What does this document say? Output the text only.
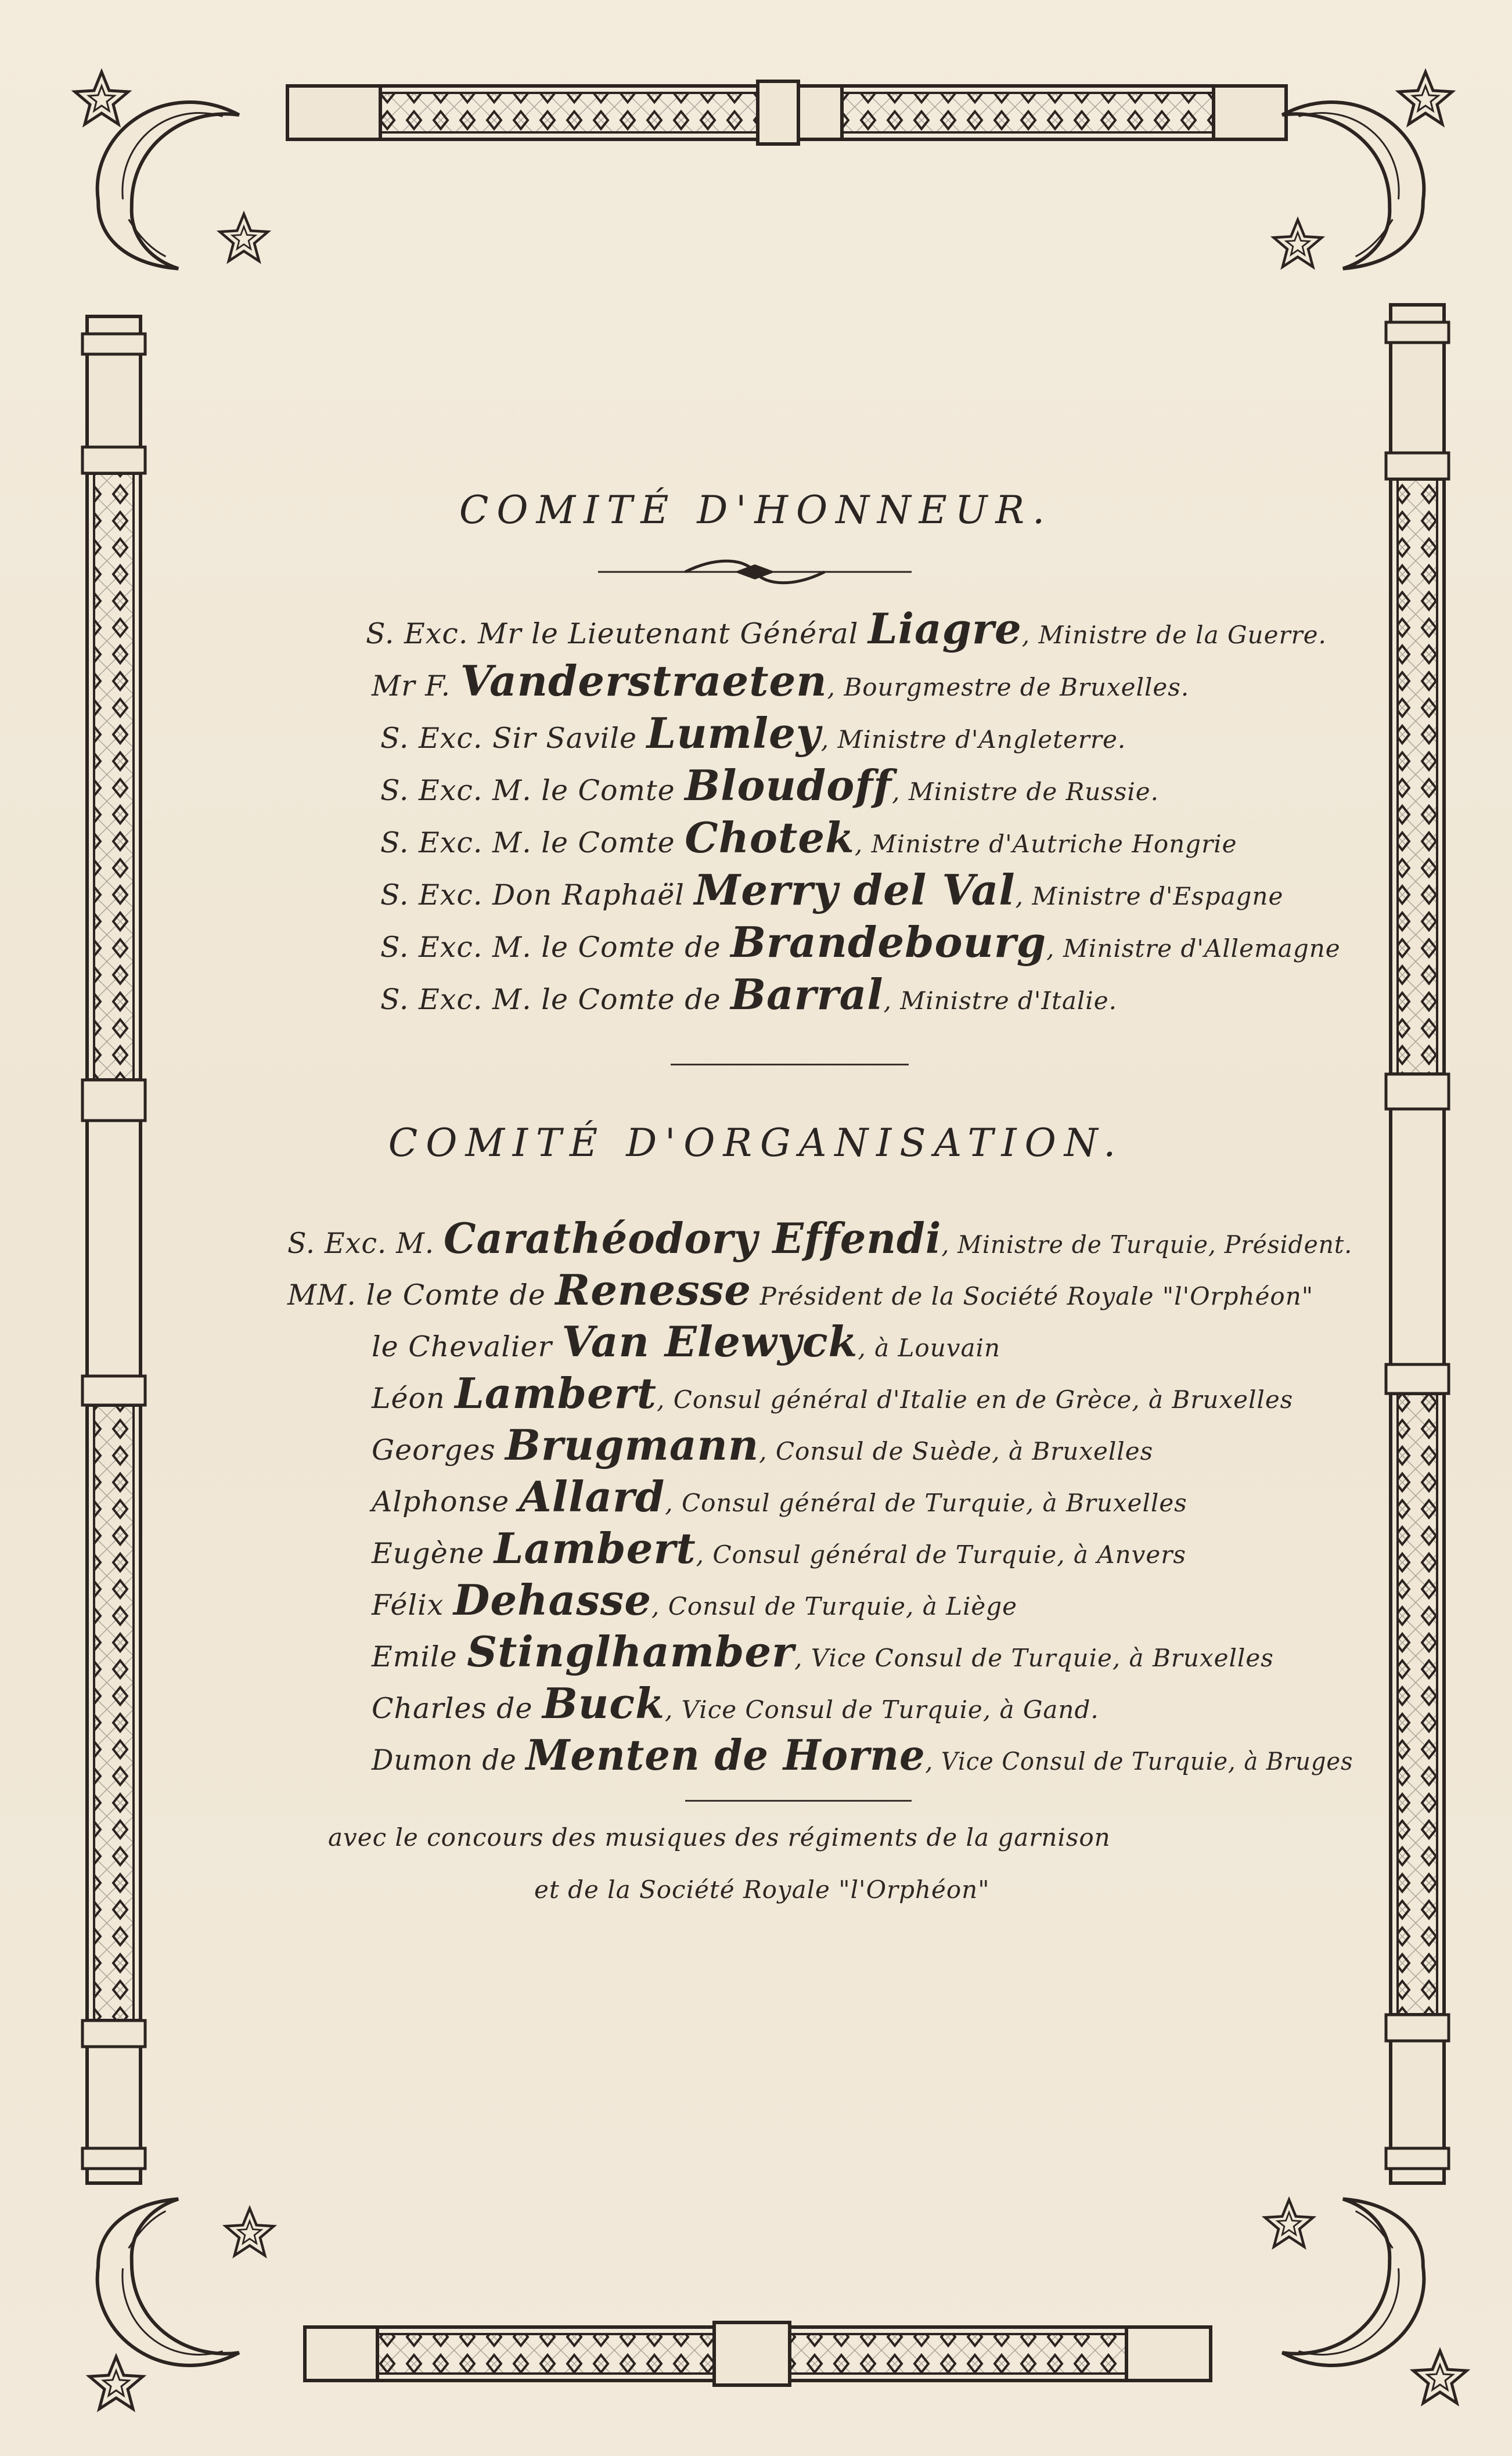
COMITÉ D'HONNEUR.
S. Exc. Mr le Lieutenant Général Liagre, Ministre de la Guerre.
Mr F. Vanderstraeten, Bourgmestre de Bruxelles.
S. Exc. Sir Savile Lumley, Ministre d'Angleterre.
S. Exc. M. le Comte Bloudoff, Ministre de Russie.
S. Exc. M. le Comte Chotek, Ministre d'Autriche Hongrie
S. Exc. Don Raphaël Merry del Val, Ministre d'Espagne
S. Exc. M. le Comte de Brandebourg, Ministre d'Allemagne
S. Exc. M. le Comte de Barral, Ministre d'Italie.
COMITÉ D'ORGANISATION.
S. Exc. M. Carathéodory Effendi, Ministre de Turquie, Président.
MM. le Comte de Renesse Président de la Société Royale "l'Orphéon"
le Chevalier Van Elewyck, à Louvain
Léon Lambert, Consul général d'Italie en de Grèce, à Bruxelles
Georges Brugmann, Consul de Suède, à Bruxelles
Alphonse Allard, Consul général de Turquie, à Bruxelles
Eugène Lambert, Consul général de Turquie, à Anvers
Félix Dehasse, Consul de Turquie, à Liège
Emile Stinglhamber, Vice Consul de Turquie, à Bruxelles
Charles de Buck, Vice Consul de Turquie, à Gand.
Dumon de Menten de Horne, Vice Consul de Turquie, à Bruges
avec le concours des musiques des régiments de la garnison
et de la Société Royale "l'Orphéon"
